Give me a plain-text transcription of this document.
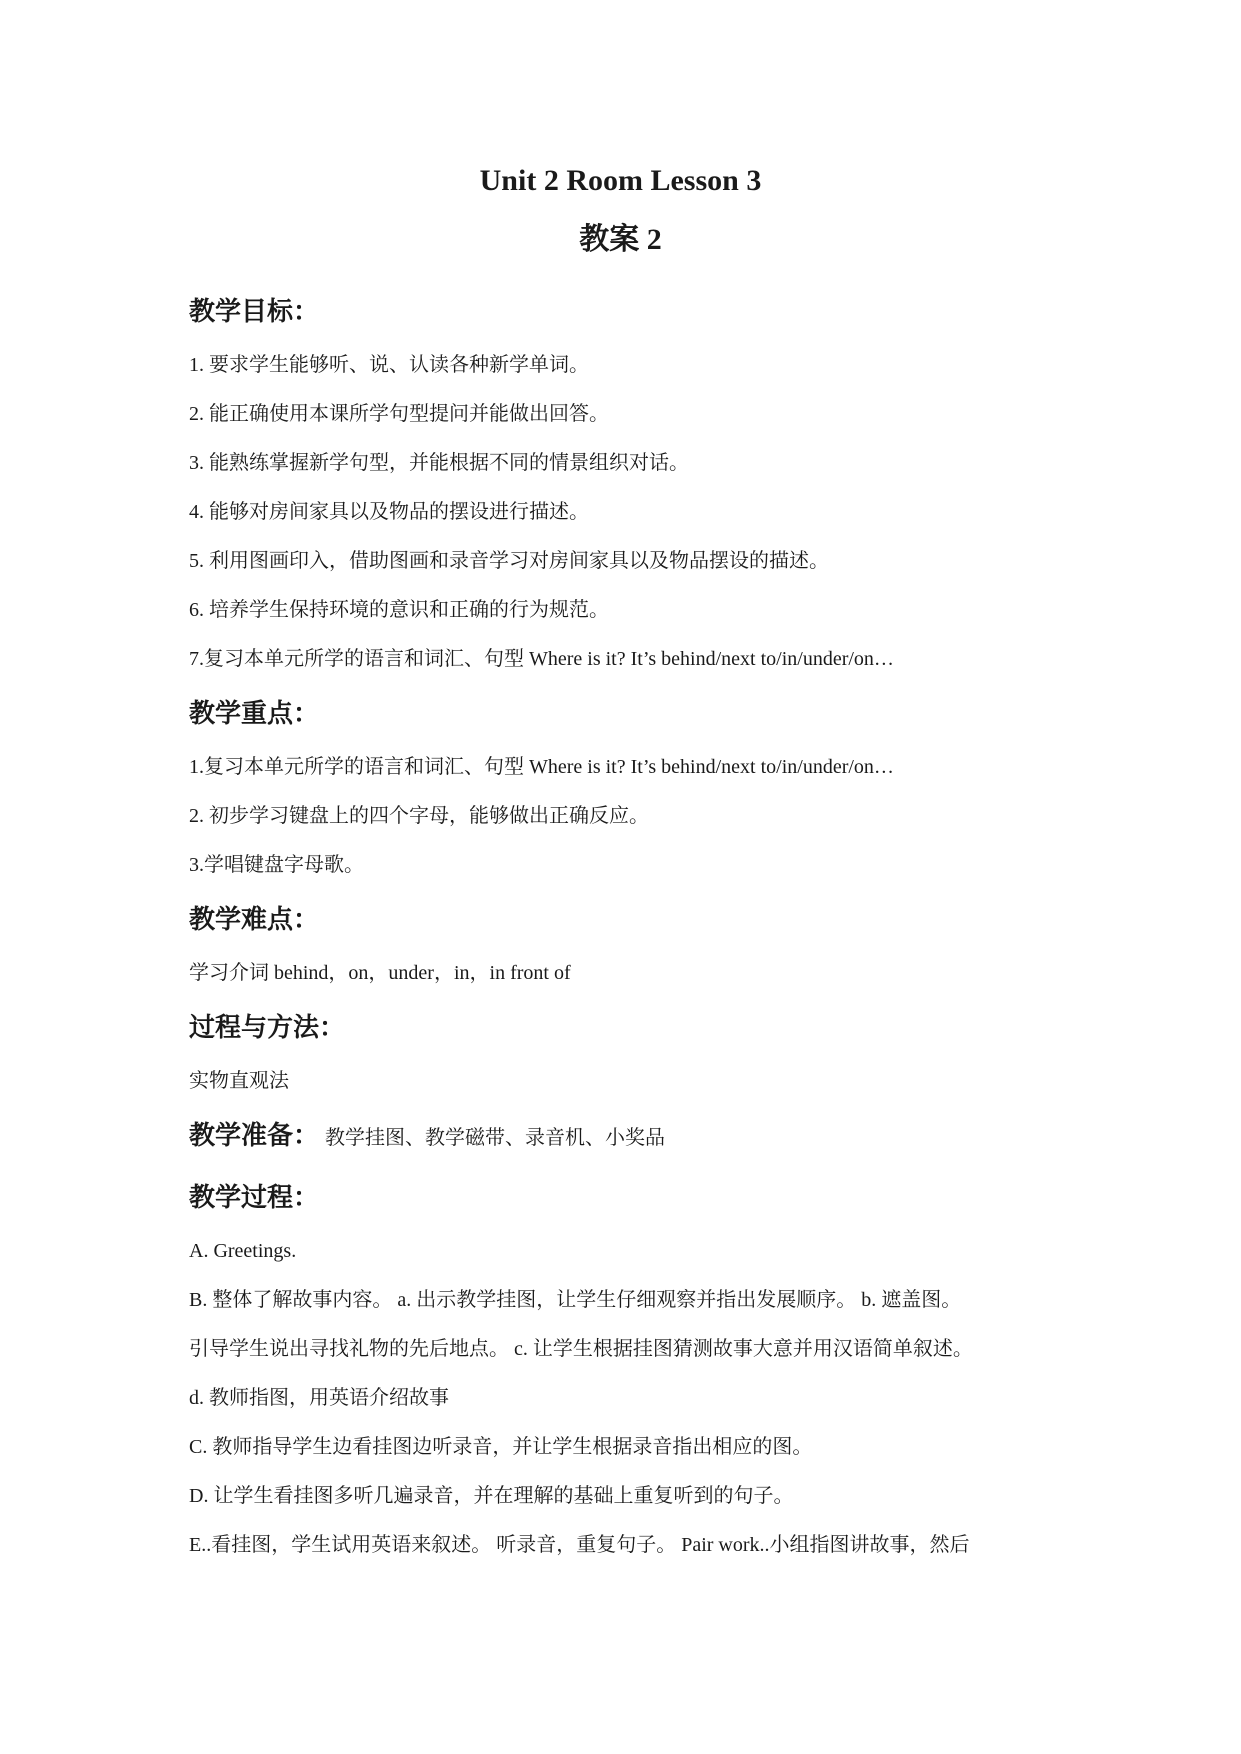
Unit 2 Room Lesson 3
教案 2
教学目标：

1. 要求学生能够听、说、认读各种新学单词。

2. 能正确使用本课所学句型提问并能做出回答。

3. 能熟练掌握新学句型，并能根据不同的情景组织对话。

4. 能够对房间家具以及物品的摆设进行描述。

5. 利用图画印入，借助图画和录音学习对房间家具以及物品摆设的描述。

6. 培养学生保持环境的意识和正确的行为规范。

7.复习本单元所学的语言和词汇、句型 Where is it? It’s behind/next to/in/under/on…

教学重点：

1.复习本单元所学的语言和词汇、句型 Where is it? It’s behind/next to/in/under/on…

2. 初步学习键盘上的四个字母，能够做出正确反应。

3.学唱键盘字母歌。

教学难点：

学习介词 behind，on，under，in，in front of

过程与方法：

实物直观法

教学准备： 教学挂图、教学磁带、录音机、小奖品
教学过程：

A. Greetings.

B. 整体了解故事内容。 a. 出示教学挂图，让学生仔细观察并指出发展顺序。 b. 遮盖图。

引导学生说出寻找礼物的先后地点。 c. 让学生根据挂图猜测故事大意并用汉语简单叙述。

d. 教师指图，用英语介绍故事

C. 教师指导学生边看挂图边听录音，并让学生根据录音指出相应的图。

D. 让学生看挂图多听几遍录音，并在理解的基础上重复听到的句子。

E..看挂图，学生试用英语来叙述。 听录音，重复句子。 Pair work..小组指图讲故事，然后
